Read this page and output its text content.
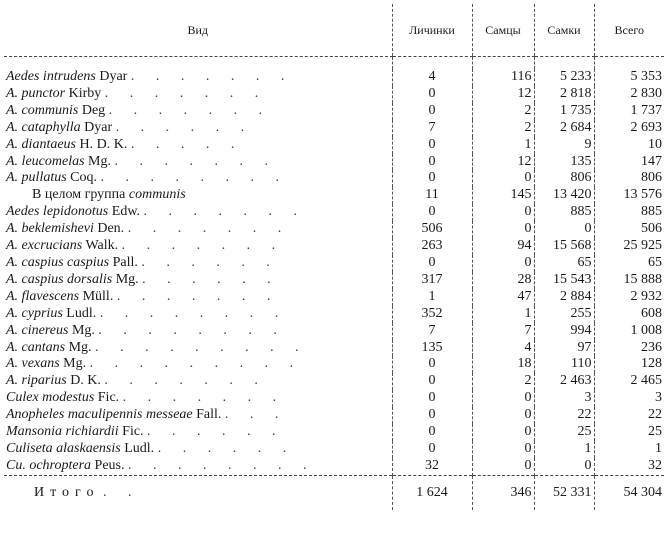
Вид	Личинки	Самцы	Самки	Всего

Aedes intrudens Dyar . . . . . . .	4	116	5 233	5 353
A. punctor Kirby . . . . . . .	0	12	2 818	2 830
A. communis Deg . . . . . . .	0	2	1 735	1 737
A. cataphylla Dyar . . . . . .	7	2	2 684	2 693
A. diantaeus H. D. K. . . . . .	0	1	9	10
A. leucomelas Mg. . . . . . . .	0	12	135	147
A. pullatus Coq. . . . . . . . .	0	0	806	806
В целом группа communis	11	145	13 420	13 576
Aedes lepidonotus Edw. . . . . . . .	0	0	885	885
A. beklemishevi Den. . . . . . . .	506	0	0	506
A. excrucians Walk. . . . . . . .	263	94	15 568	25 925
A. caspius caspius Pall. . . . . . .	0	0	65	65
A. caspius dorsalis Mg. . . . . . .	317	28	15 543	15 888
A. flavescens Müll. . . . . . . .	1	47	2 884	2 932
A. cyprius Ludl. . . . . . . . .	352	1	255	608
A. cinereus Mg. . . . . . . . .	7	7	994	1 008
A. cantans Mg. . . . . . . . . .	135	4	97	236
A. vexans Mg. . . . . . . . . .	0	18	110	128
A. riparius D. K. . . . . . . .	0	2	2 463	2 465
Culex modestus Fic. . . . . . . .	0	0	3	3
Anopheles maculipennis messeae Fall. . . .	0	0	22	22
Mansonia richiardii Fic. . . . . . .	0	0	25	25
Culiseta alaskaensis Ludl. . . . . . .	0	0	1	1
Cu. ochroptera Peus. . . . . . . . .	32	0	0	32
Итого . .	1 624	346	52 331	54 304
